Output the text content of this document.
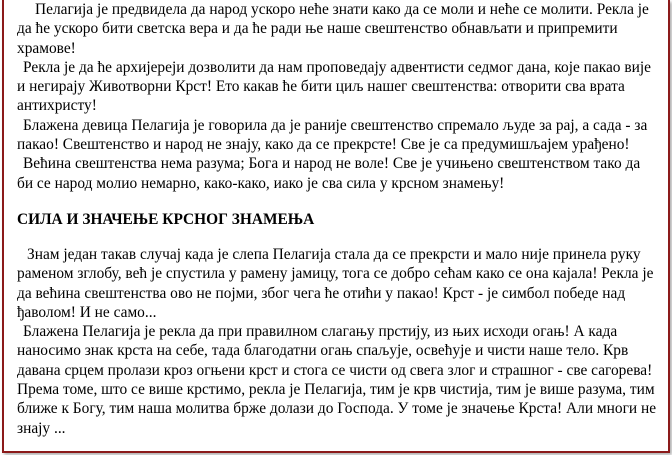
Пелагија је предвидела да народ ускоро неће знати како да се моли и неће се молити. Рекла је да ће ускоро бити светска вера и да ће ради ње наше свештенство обнављати и припремити храмове!

Рекла је да ће архијереји дозволити да нам проповедају адвентисти седмог дана, које пакао вије и негирају Животворни Крст! Ето какав ће бити циљ нашег свештенства: отворити сва врата антихристу!

Блажена девица Пелагија је говорила да је раније свештенство спремало људе за рај, а сада - за пакао! Свештенство и народ не знају, како да се прекрсте! Све је са предумишљајем урађено!

Већина свештенства нема разума; Бога и народ не воле! Све је учињено свештенством тако да би се народ молио немарно, како-како, иако је сва сила у крсном знамењу!

СИЛА И ЗНАЧЕЊЕ КРСНОГ ЗНАМЕЊА

Знам један такав случај када је слепа Пелагија стала да се прекрсти и мало није принела руку раменом зглобу, већ је спустила у рамену јамицу, тога се добро сећам како се она кајала! Рекла је да већина свештенства ово не појми, због чега ће отићи у пакао! Крст - је симбол победе над ђаволом! И не само...

Блажена Пелагија је рекла да при правилном слагању прстију, из њих исходи огањ! А када наносимо знак крста на себе, тада благодатни огањ спаљује, освећује и чисти наше тело. Крв давана срцем пролази кроз огњени крст и стога се чисти од свега злог и страшног - све сагорева! Према томе, што се више крстимо, рекла је Пелагија, тим је крв чистија, тим је више разума, тим ближе к Богу, тим наша молитва брже долази до Господа. У томе је значење Крста! Али многи не знају ...
